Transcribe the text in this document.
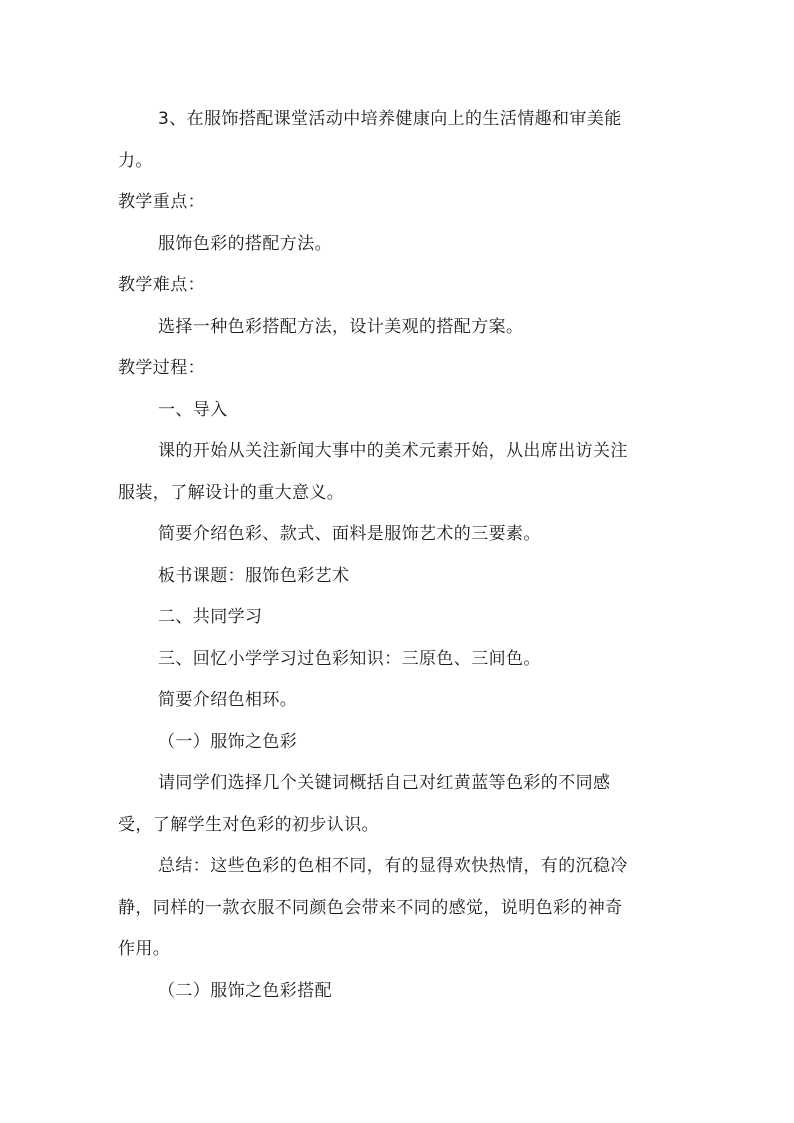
3、在服饰搭配课堂活动中培养健康向上的生活情趣和审美能
力。
教学重点：
服饰色彩的搭配方法。
教学难点：
选择一种色彩搭配方法，设计美观的搭配方案。
教学过程：
一、导入
课的开始从关注新闻大事中的美术元素开始，从出席出访关注
服装，了解设计的重大意义。
简要介绍色彩、款式、面料是服饰艺术的三要素。
板书课题：服饰色彩艺术
二、共同学习
三、回忆小学学习过色彩知识：三原色、三间色。
简要介绍色相环。
（一）服饰之色彩
请同学们选择几个关键词概括自己对红黄蓝等色彩的不同感
受，了解学生对色彩的初步认识。
总结：这些色彩的色相不同，有的显得欢快热情，有的沉稳冷
静，同样的一款衣服不同颜色会带来不同的感觉，说明色彩的神奇
作用。
（二）服饰之色彩搭配
